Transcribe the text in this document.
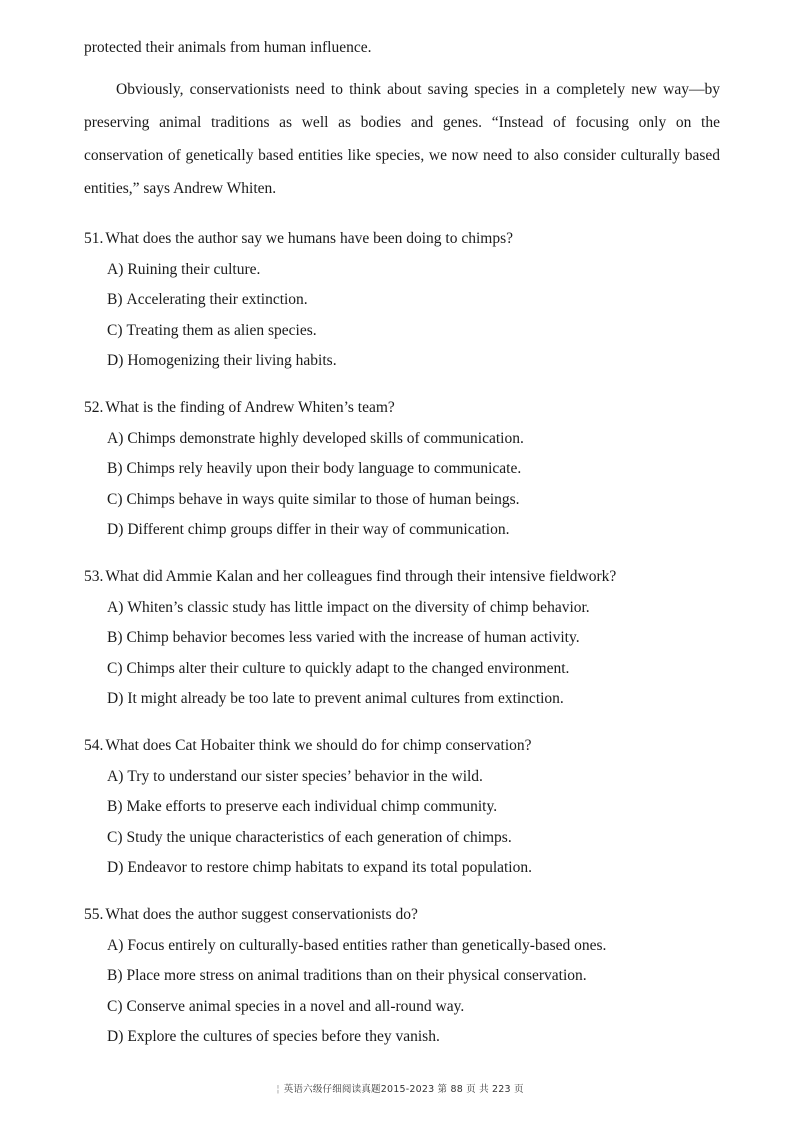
protected their animals from human influence.

Obviously, conservationists need to think about saving species in a completely new way—by preserving animal traditions as well as bodies and genes. “Instead of focusing only on the conservation of genetically based entities like species, we now need to also consider culturally based entities,” says Andrew Whiten.

51. What does the author say we humans have been doing to chimps?

A) Ruining their culture.
B) Accelerating their extinction.
C) Treating them as alien species.
D) Homogenizing their living habits.

52. What is the finding of Andrew Whiten’s team?

A) Chimps demonstrate highly developed skills of communication.
B) Chimps rely heavily upon their body language to communicate.
C) Chimps behave in ways quite similar to those of human beings.
D) Different chimp groups differ in their way of communication.

53. What did Ammie Kalan and her colleagues find through their intensive fieldwork?

A) Whiten’s classic study has little impact on the diversity of chimp behavior.
B) Chimp behavior becomes less varied with the increase of human activity.
C) Chimps alter their culture to quickly adapt to the changed environment.
D) It might already be too late to prevent animal cultures from extinction.

54. What does Cat Hobaiter think we should do for chimp conservation?

A) Try to understand our sister species’ behavior in the wild.
B) Make efforts to preserve each individual chimp community.
C) Study the unique characteristics of each generation of chimps.
D) Endeavor to restore chimp habitats to expand its total population.

55. What does the author suggest conservationists do?

A) Focus entirely on culturally-based entities rather than genetically-based ones.
B) Place more stress on animal traditions than on their physical conservation.
C) Conserve animal species in a novel and all-round way.
D) Explore the cultures of species before they vanish.
¦ 英语六级仔细阅读真题2015-2023 第 88 页 共 223 页
